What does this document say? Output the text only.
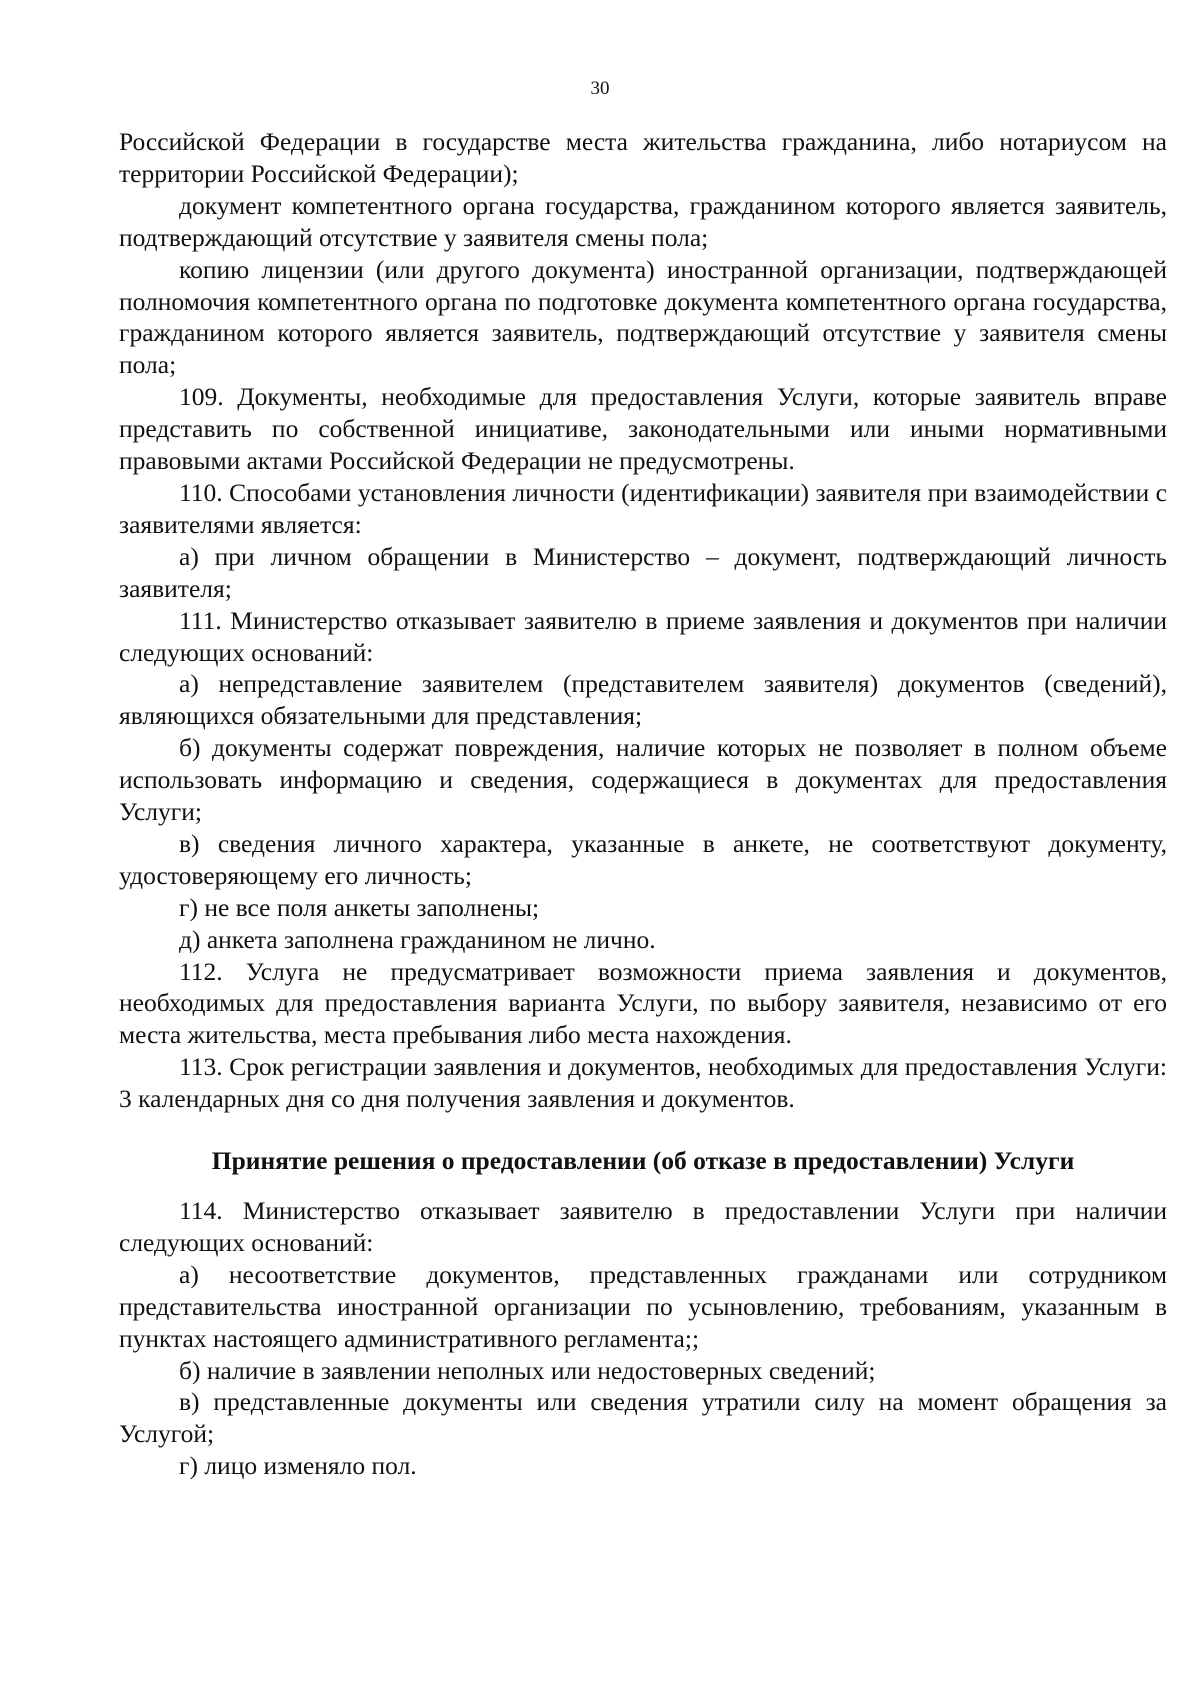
30

Российской Федерации в государстве места жительства гражданина, либо нотариусом на территории Российской Федерации);

документ компетентного органа государства, гражданином которого является заявитель, подтверждающий отсутствие у заявителя смены пола;

копию лицензии (или другого документа) иностранной организации, подтверждающей полномочия компетентного органа по подготовке документа компетентного органа государства, гражданином которого является заявитель, подтверждающий отсутствие у заявителя смены пола;

109. Документы, необходимые для предоставления Услуги, которые заявитель вправе представить по собственной инициативе, законодательными или иными нормативными правовыми актами Российской Федерации не предусмотрены.

110. Способами установления личности (идентификации) заявителя при взаимодействии с заявителями является:

а) при личном обращении в Министерство – документ, подтверждающий личность заявителя;

111. Министерство отказывает заявителю в приеме заявления и документов при наличии следующих оснований:

а) непредставление заявителем (представителем заявителя) документов (сведений), являющихся обязательными для представления;

б) документы содержат повреждения, наличие которых не позволяет в полном объеме использовать информацию и сведения, содержащиеся в документах для предоставления Услуги;

в) сведения личного характера, указанные в анкете, не соответствуют документу, удостоверяющему его личность;

г) не все поля анкеты заполнены;

д) анкета заполнена гражданином не лично.

112. Услуга не предусматривает возможности приема заявления и документов, необходимых для предоставления варианта Услуги, по выбору заявителя, независимо от его места жительства, места пребывания либо места нахождения.

113. Срок регистрации заявления и документов, необходимых для предоставления Услуги: 3 календарных дня со дня получения заявления и документов.

Принятие решения о предоставлении (об отказе в предоставлении) Услуги

114. Министерство отказывает заявителю в предоставлении Услуги при наличии следующих оснований:

а) несоответствие документов, представленных гражданами или сотрудником представительства иностранной организации по усыновлению, требованиям, указанным в пунктах настоящего административного регламента;;

б) наличие в заявлении неполных или недостоверных сведений;

в) представленные документы или сведения утратили силу на момент обращения за Услугой;

г) лицо изменяло пол.
